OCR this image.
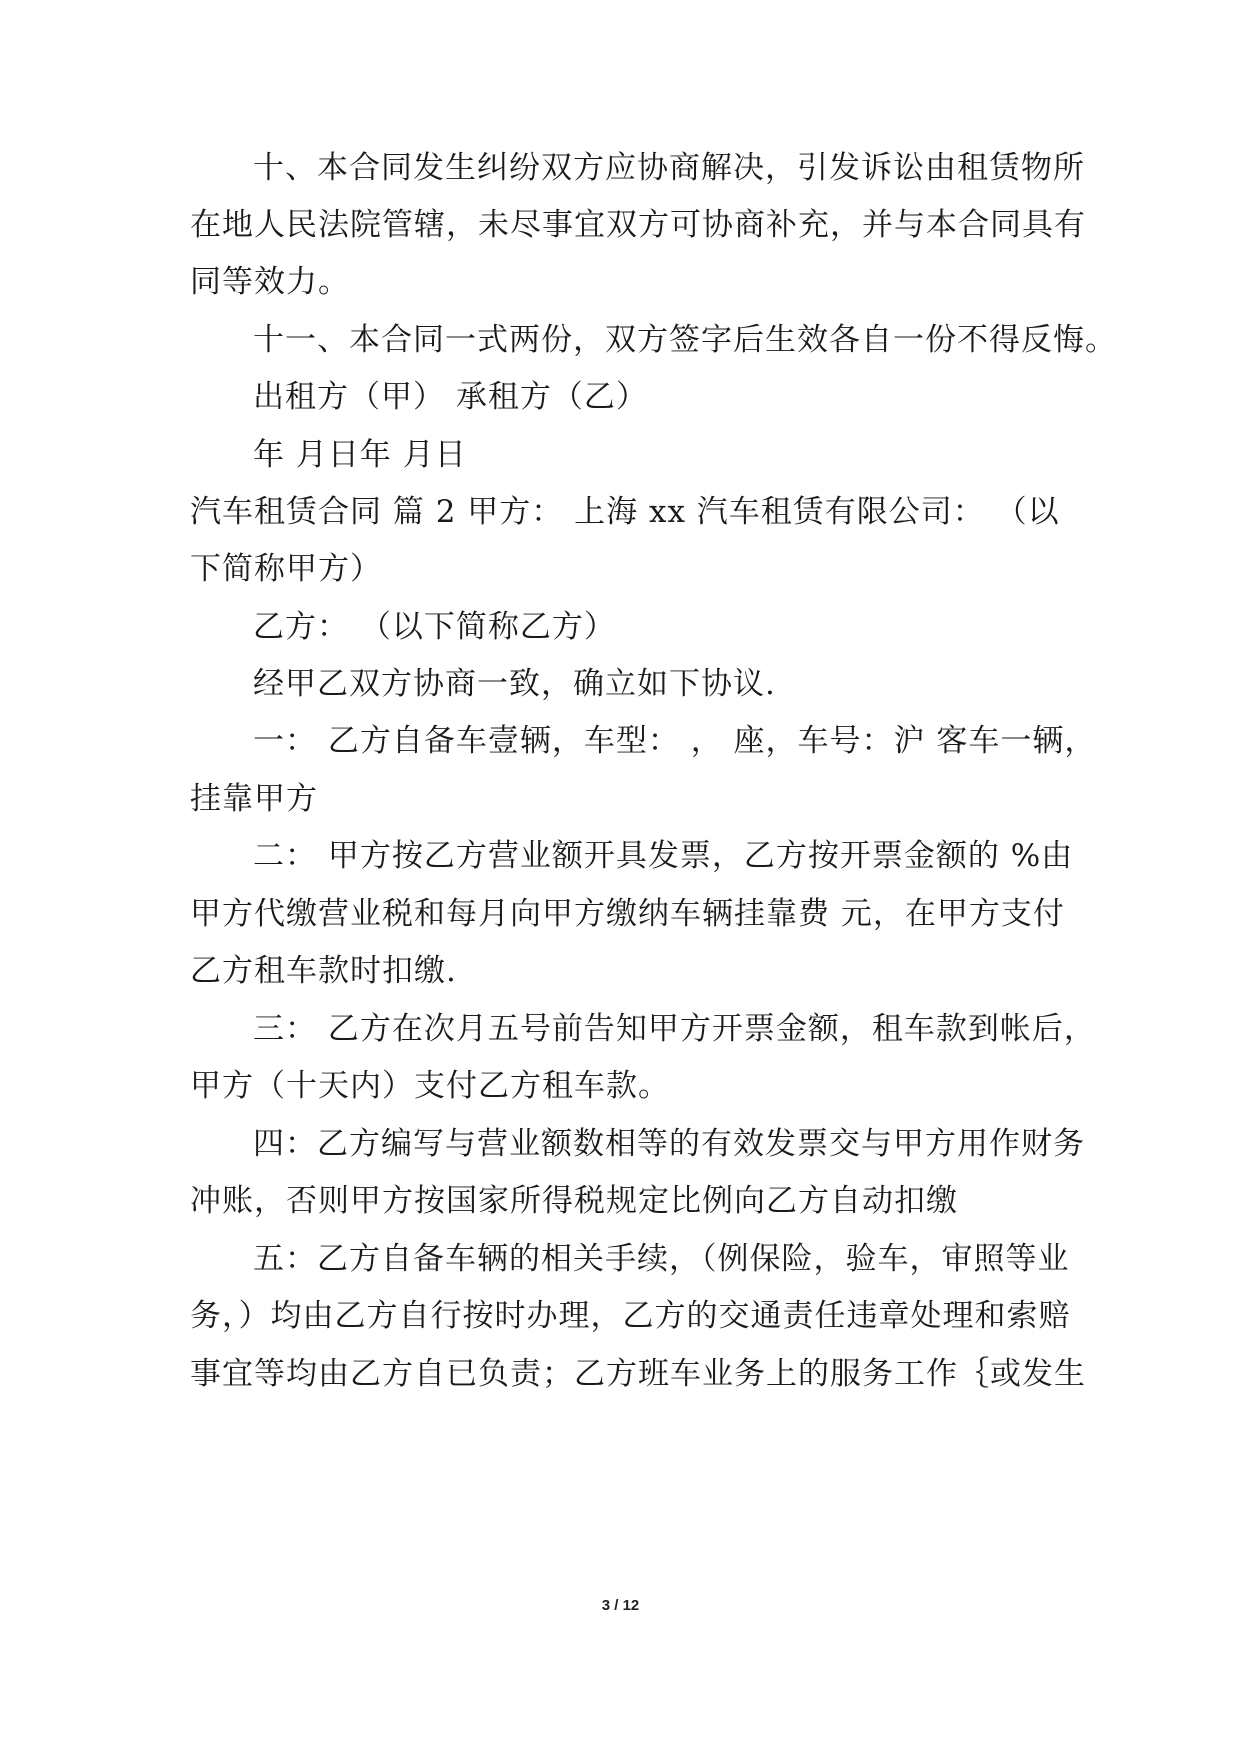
十、本合同发生纠纷双方应协商解决，引发诉讼由租赁物所
在地人民法院管辖，未尽事宜双方可协商补充，并与本合同具有
同等效力。
十一、本合同一式两份，双方签字后生效各自一份不得反悔。
出租方（甲） 承租方（乙）
年 月日年 月日
汽车租赁合同 篇 2 甲方： 上海 xx 汽车租赁有限公司： （以
下简称甲方）
乙方： （以下简称乙方）
经甲乙双方协商一致，确立如下协议.
一： 乙方自备车壹辆，车型： ， 座，车号：沪 客车一辆，
挂靠甲方
二： 甲方按乙方营业额开具发票，乙方按开票金额的 %由
甲方代缴营业税和每月向甲方缴纳车辆挂靠费 元，在甲方支付
乙方租车款时扣缴.
三： 乙方在次月五号前告知甲方开票金额，租车款到帐后，
甲方（十天内）支付乙方租车款。
四：乙方编写与营业额数相等的有效发票交与甲方用作财务
冲账，否则甲方按国家所得税规定比例向乙方自动扣缴
五：乙方自备车辆的相关手续，（例保险，验车，审照等业
务，）均由乙方自行按时办理，乙方的交通责任违章处理和索赔
事宜等均由乙方自已负责；乙方班车业务上的服务工作｛或发生
3 / 12
